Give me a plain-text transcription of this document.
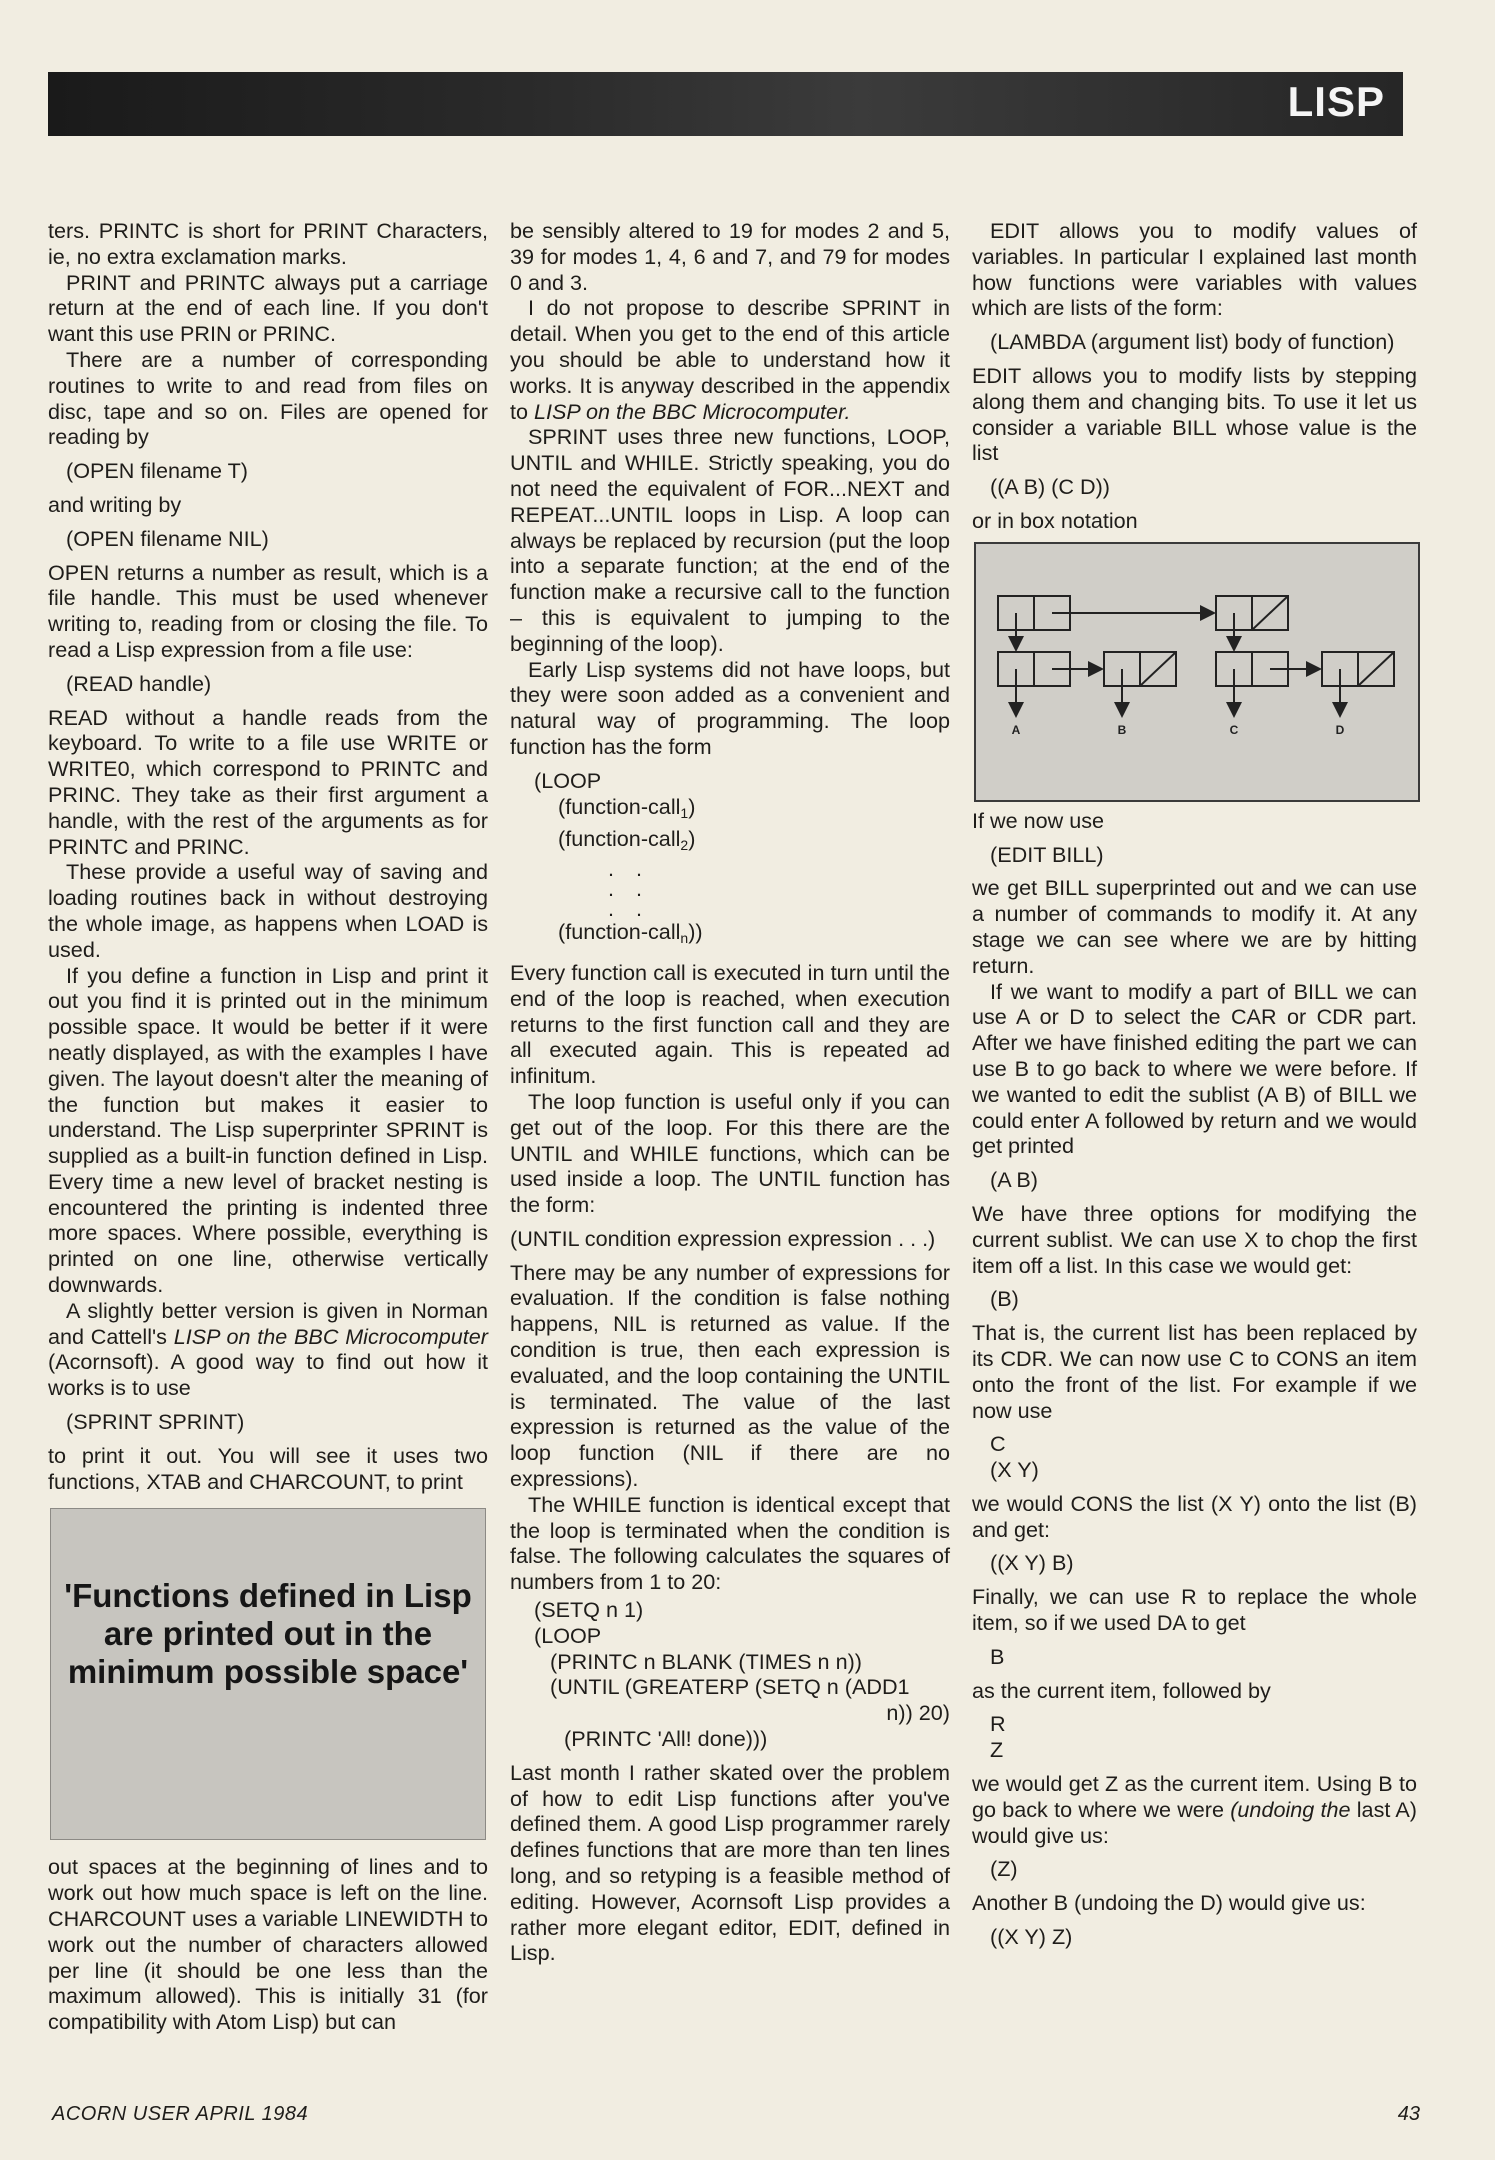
LISP

ters. PRINTC is short for PRINT Characters, ie, no extra exclamation marks.

PRINT and PRINTC always put a carriage return at the end of each line. If you don't want this use PRIN or PRINC.

There are a number of corresponding routines to write to and read from files on disc, tape and so on. Files are opened for reading by

(OPEN filename T)

and writing by

(OPEN filename NIL)

OPEN returns a number as result, which is a file handle. This must be used whenever writing to, reading from or closing the file. To read a Lisp expression from a file use:

(READ handle)

READ without a handle reads from the keyboard. To write to a file use WRITE or WRITE0, which correspond to PRINTC and PRINC. They take as their first argument a handle, with the rest of the arguments as for PRINTC and PRINC.

These provide a useful way of saving and loading routines back in without destroying the whole image, as happens when LOAD is used.

If you define a function in Lisp and print it out you find it is printed out in the minimum possible space. It would be better if it were neatly displayed, as with the examples I have given. The layout doesn't alter the meaning of the function but makes it easier to understand. The Lisp superprinter SPRINT is supplied as a built-in function defined in Lisp. Every time a new level of bracket nesting is encountered the printing is indented three more spaces. Where possible, everything is printed on one line, otherwise vertically downwards.

A slightly better version is given in Norman and Cattell's LISP on the BBC Microcomputer (Acornsoft). A good way to find out how it works is to use

(SPRINT SPRINT)

to print it out. You will see it uses two functions, XTAB and CHARCOUNT, to print

'Functions defined in Lisp are printed out in the minimum possible space'

out spaces at the beginning of lines and to work out how much space is left on the line. CHARCOUNT uses a variable LINEWIDTH to work out the number of characters allowed per line (it should be one less than the maximum allowed). This is initially 31 (for compatibility with Atom Lisp) but can

be sensibly altered to 19 for modes 2 and 5, 39 for modes 1, 4, 6 and 7, and 79 for modes 0 and 3.

I do not propose to describe SPRINT in detail. When you get to the end of this article you should be able to understand how it works. It is anyway described in the appendix to LISP on the BBC Microcomputer.

SPRINT uses three new functions, LOOP, UNTIL and WHILE. Strictly speaking, you do not need the equivalent of FOR...NEXT and REPEAT...UNTIL loops in Lisp. A loop can always be replaced by recursion (put the loop into a separate function; at the end of the function make a recursive call to the function – this is equivalent to jumping to the beginning of the loop).

Early Lisp systems did not have loops, but they were soon added as a convenient and natural way of programming. The loop function has the form

(LOOP
(function-call$_1$)
(function-call$_2$)
. .
. .
. .
(function-call$_n$))

Every function call is executed in turn until the end of the loop is reached, when execution returns to the first function call and they are all executed again. This is repeated ad infinitum.

The loop function is useful only if you can get out of the loop. For this there are the UNTIL and WHILE functions, which can be used inside a loop. The UNTIL function has the form:

(UNTIL condition expression expression . . .)

There may be any number of expressions for evaluation. If the condition is false nothing happens, NIL is returned as value. If the condition is true, then each expression is evaluated, and the loop containing the UNTIL is terminated. The value of the last expression is returned as the value of the loop function (NIL if there are no expressions).

The WHILE function is identical except that the loop is terminated when the condition is false. The following calculates the squares of numbers from 1 to 20:

(SETQ n 1)
(LOOP
(PRINTC n BLANK (TIMES n n))
(UNTIL (GREATERP (SETQ n (ADD1
n)) 20)
(PRINTC 'All! done)))

Last month I rather skated over the problem of how to edit Lisp functions after you've defined them. A good Lisp programmer rarely defines functions that are more than ten lines long, and so retyping is a feasible method of editing. However, Acornsoft Lisp provides a rather more elegant editor, EDIT, defined in Lisp.

EDIT allows you to modify values of variables. In particular I explained last month how functions were variables with values which are lists of the form:

(LAMBDA (argument list) body of function)

EDIT allows you to modify lists by stepping along them and changing bits. To use it let us consider a variable BILL whose value is the list

((A B) (C D))

or in box notation

A	B	C	D

If we now use

(EDIT BILL)

we get BILL superprinted out and we can use a number of commands to modify it. At any stage we can see where we are by hitting return.

If we want to modify a part of BILL we can use A or D to select the CAR or CDR part. After we have finished editing the part we can use B to go back to where we were before. If we wanted to edit the sublist (A B) of BILL we could enter A followed by return and we would get printed

(A B)

We have three options for modifying the current sublist. We can use X to chop the first item off a list. In this case we would get:

(B)

That is, the current list has been replaced by its CDR. We can now use C to CONS an item onto the front of the list. For example if we now use

C
(X Y)

we would CONS the list (X Y) onto the list (B) and get:

((X Y) B)

Finally, we can use R to replace the whole item, so if we used DA to get

B

as the current item, followed by

R
Z

we would get Z as the current item. Using B to go back to where we were (undoing the last A) would give us:

(Z)

Another B (undoing the D) would give us:

((X Y) Z)
ACORN USER APRIL 1984	43
